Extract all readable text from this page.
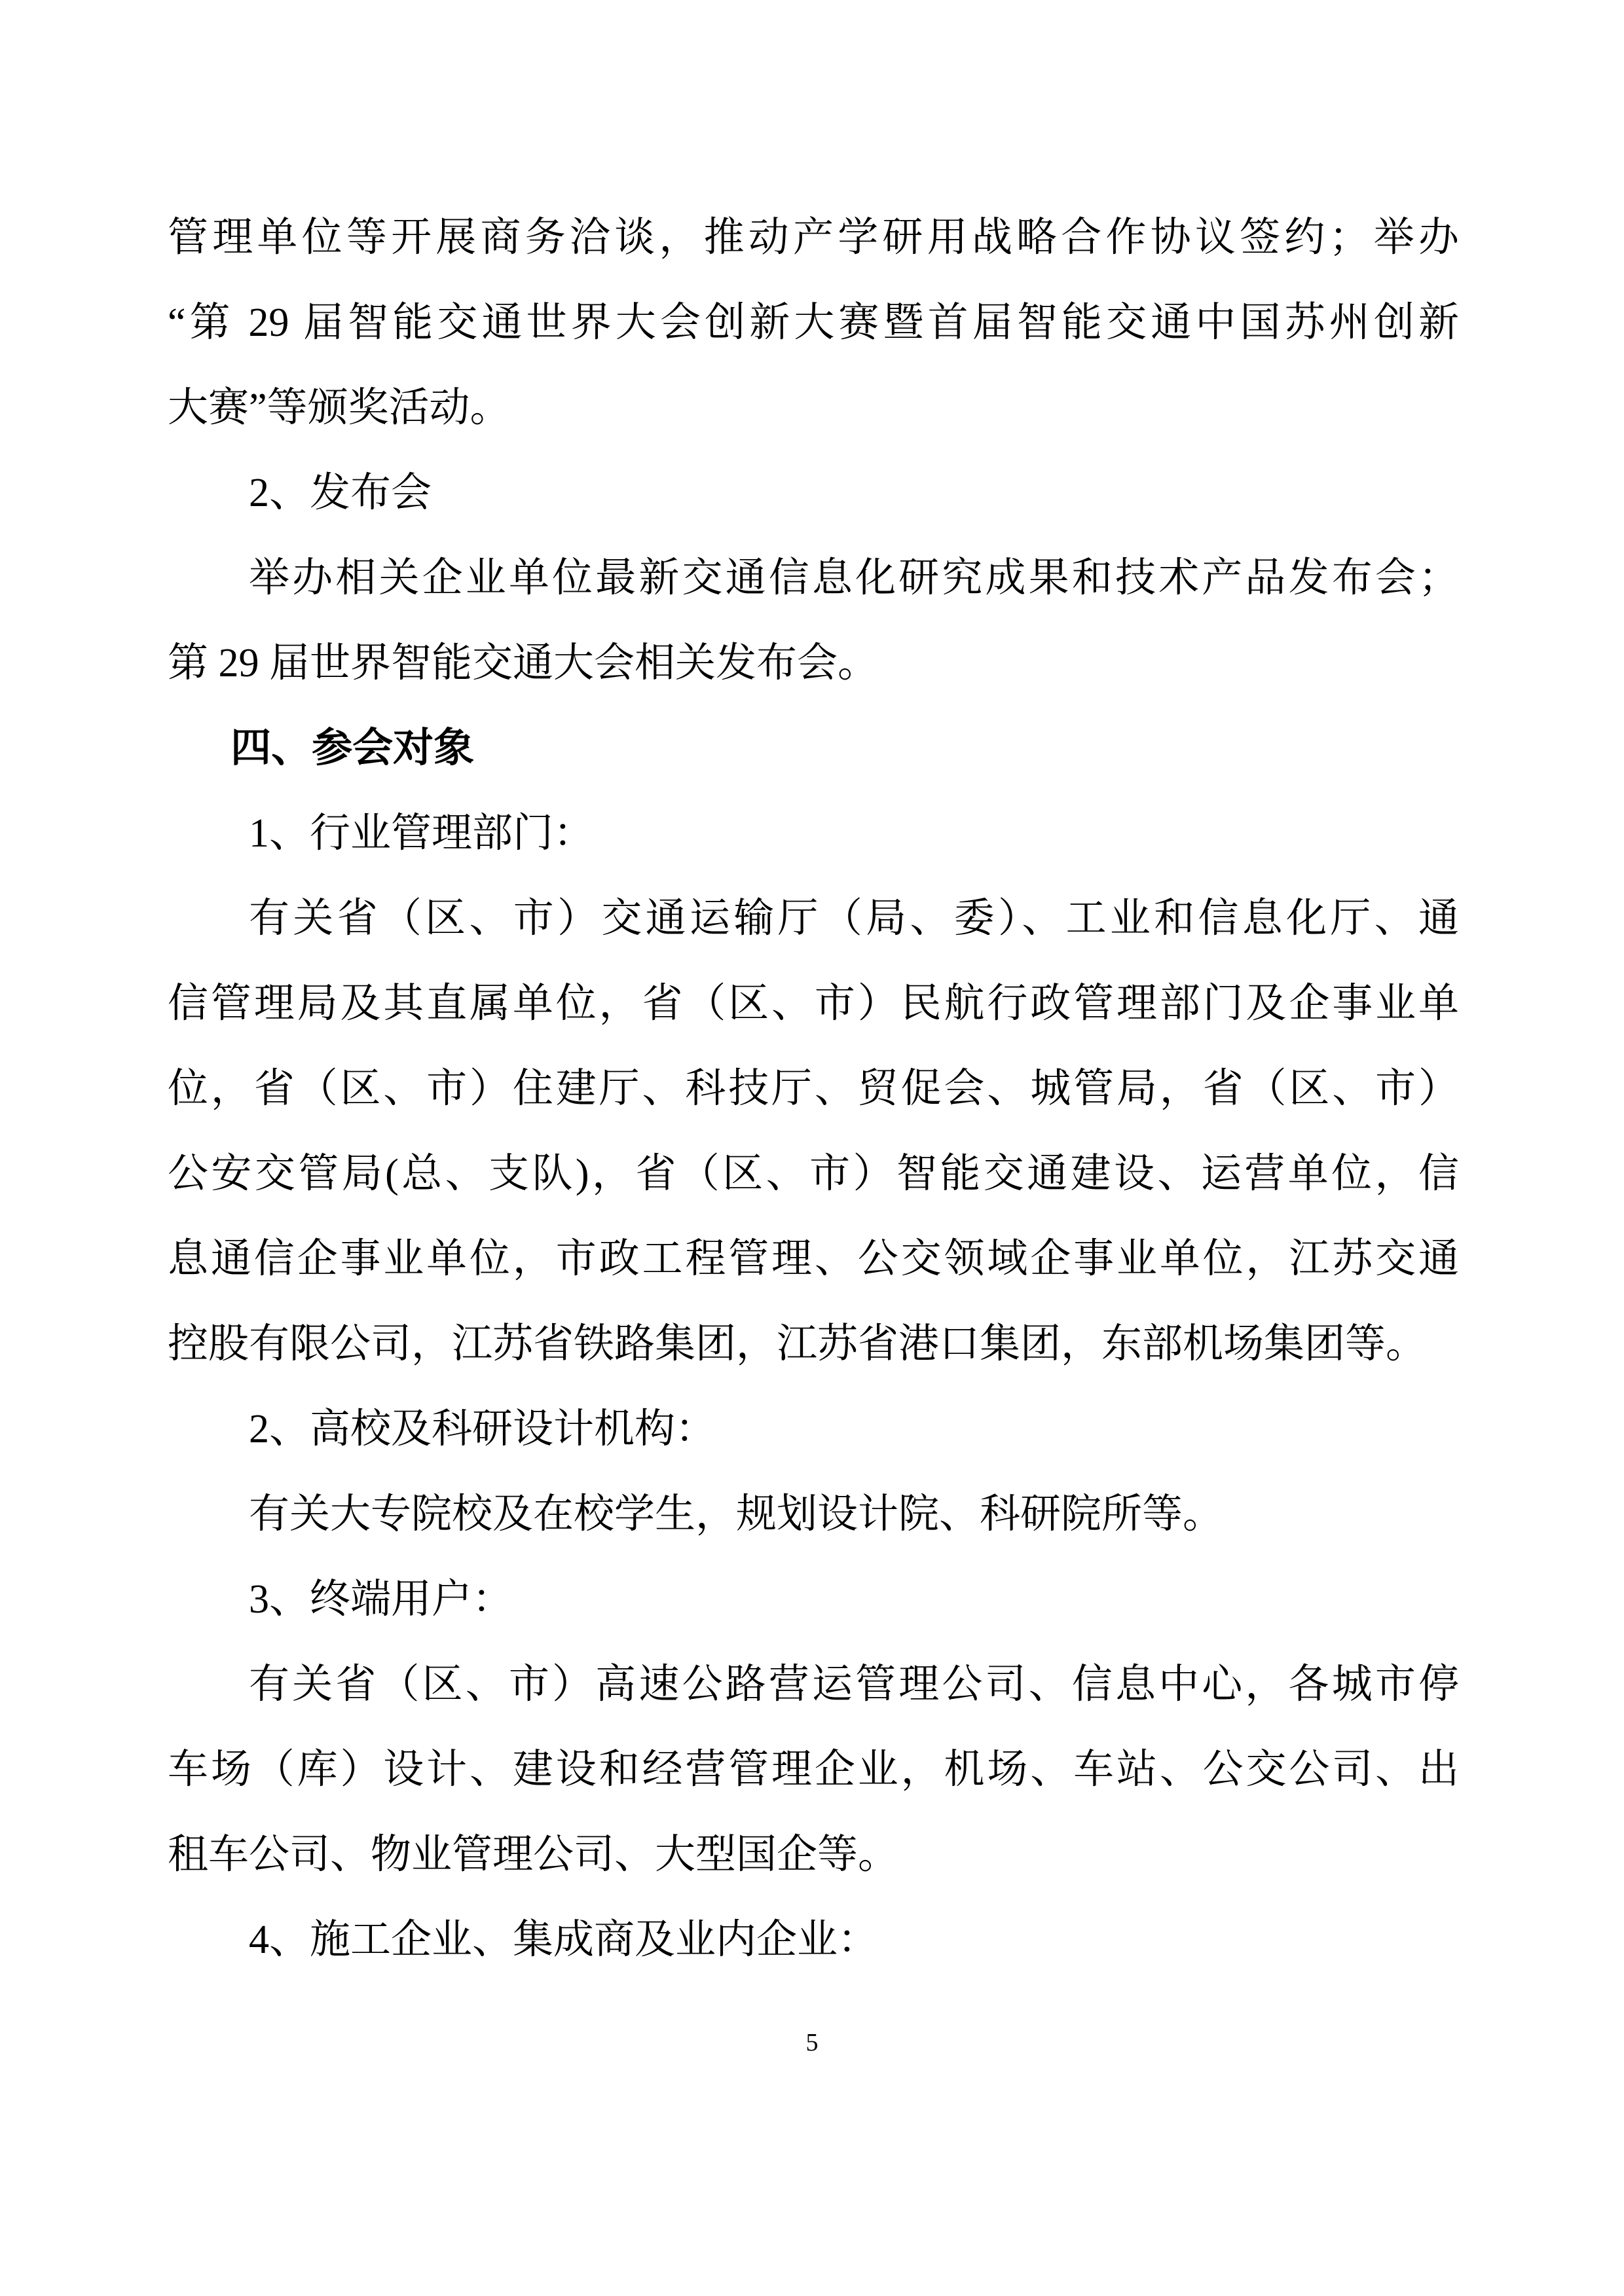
管理单位等开展商务洽谈，推动产学研用战略合作协议签约；举办
“第 29 届智能交通世界大会创新大赛暨首届智能交通中国苏州创新
大赛”等颁奖活动。
2、发布会
举办相关企业单位最新交通信息化研究成果和技术产品发布会；
第 29 届世界智能交通大会相关发布会。
四、参会对象
1、行业管理部门：
有关省（区、市）交通运输厅（局、委）、工业和信息化厅、通
信管理局及其直属单位，省（区、市）民航行政管理部门及企事业单
位，省（区、市）住建厅、科技厅、贸促会、城管局，省（区、市）
公安交管局(总、支队)，省（区、市）智能交通建设、运营单位，信
息通信企事业单位，市政工程管理、公交领域企事业单位，江苏交通
控股有限公司，江苏省铁路集团，江苏省港口集团，东部机场集团等。
2、高校及科研设计机构：
有关大专院校及在校学生，规划设计院、科研院所等。
3、终端用户：
有关省（区、市）高速公路营运管理公司、信息中心，各城市停
车场（库）设计、建设和经营管理企业，机场、车站、公交公司、出
租车公司、物业管理公司、大型国企等。
4、施工企业、集成商及业内企业：
5
